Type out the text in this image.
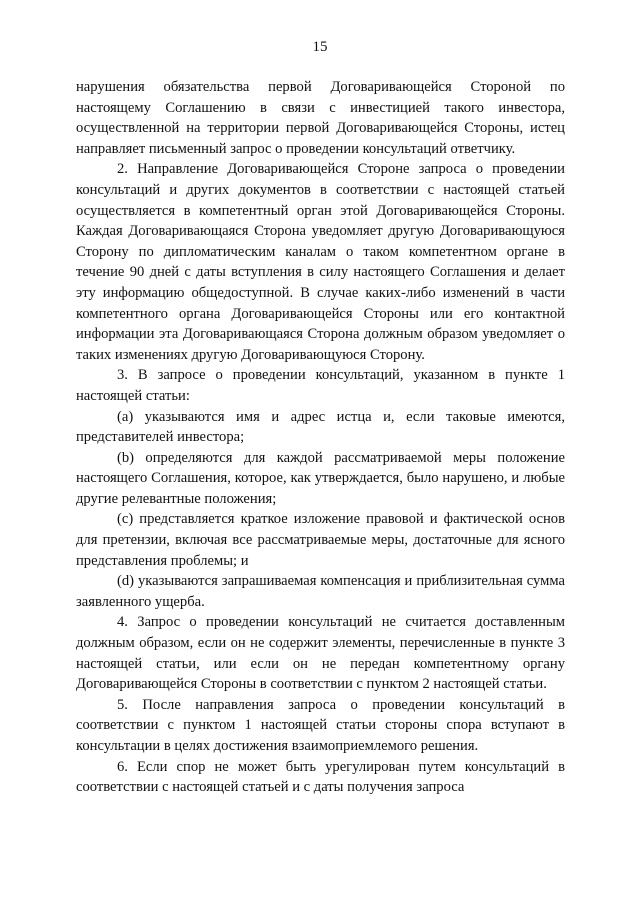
15

нарушения обязательства первой Договаривающейся Стороной по настоящему Соглашению в связи с инвестицией такого инвестора, осуществленной на территории первой Договаривающейся Стороны, истец направляет письменный запрос о проведении консультаций ответчику.

2. Направление Договаривающейся Стороне запроса о проведении консультаций и других документов в соответствии с настоящей статьей осуществляется в компетентный орган этой Договаривающейся Стороны. Каждая Договаривающаяся Сторона уведомляет другую Договаривающуюся Сторону по дипломатическим каналам о таком компетентном органе в течение 90 дней с даты вступления в силу настоящего Соглашения и делает эту информацию общедоступной. В случае каких-либо изменений в части компетентного органа Договаривающейся Стороны или его контактной информации эта Договаривающаяся Сторона должным образом уведомляет о таких изменениях другую Договаривающуюся Сторону.

3. В запросе о проведении консультаций, указанном в пункте 1 настоящей статьи:

(a) указываются имя и адрес истца и, если таковые имеются, представителей инвестора;

(b) определяются для каждой рассматриваемой меры положение настоящего Соглашения, которое, как утверждается, было нарушено, и любые другие релевантные положения;

(c) представляется краткое изложение правовой и фактической основ для претензии, включая все рассматриваемые меры, достаточные для ясного представления проблемы; и

(d) указываются запрашиваемая компенсация и приблизительная сумма заявленного ущерба.

4. Запрос о проведении консультаций не считается доставленным должным образом, если он не содержит элементы, перечисленные в пункте 3 настоящей статьи, или если он не передан компетентному органу Договаривающейся Стороны в соответствии с пунктом 2 настоящей статьи.

5. После направления запроса о проведении консультаций в соответствии с пунктом 1 настоящей статьи стороны спора вступают в консультации в целях достижения взаимоприемлемого решения.

6. Если спор не может быть урегулирован путем консультаций в соответствии с настоящей статьей и с даты получения запроса
